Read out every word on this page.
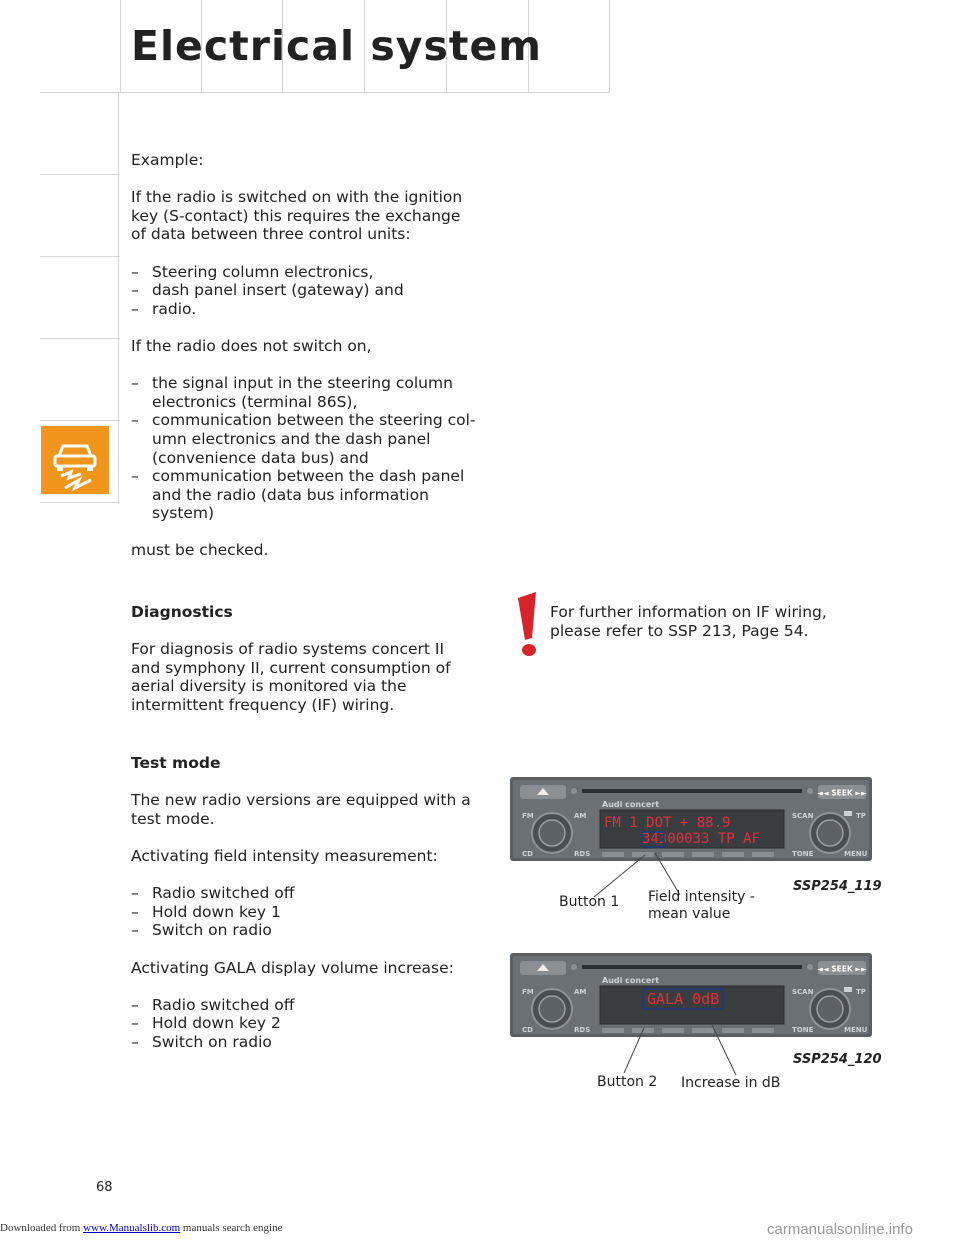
Electrical system

Example:

If the radio is switched on with the ignition key (S-contact) this requires the exchange of data between three control units:

– Steering column electronics,
– dash panel insert (gateway) and
– radio.

If the radio does not switch on,

– the signal input in the steering column electronics (terminal 86S),
– communication between the steering col- umn electronics and the dash panel (convenience data bus) and
– communication between the dash panel and the radio (data bus information system)

must be checked.

Diagnostics

For diagnosis of radio systems concert II and symphony II, current consumption of aerial diversity is monitored via the intermittent frequency (IF) wiring.

Test mode

The new radio versions are equipped with a test mode.

Activating field intensity measurement:

– Radio switched off
– Hold down key 1
– Switch on radio

Activating GALA display volume increase:

– Radio switched off
– Hold down key 2
– Switch on radio

For further information on IF wiring, please refer to SSP 213, Page 54.

◄◄ SEEK ►►
Audi concert
FM	AM
CD	RDS
FM 1 DOT + 88.9
34300033 TP AF
SCAN	TP
TONE	MENU
Button 1 Field intensity - mean value
SSP254_119
◄◄ SEEK ►►
Audi concert
FM	AM
CD	RDS
GALA 0dB	SCAN	TP
TONE	MENU
Button 2 Increase in dB
SSP254_120
68
Downloaded from www.Manualslib.com manuals search engine	carmanualsonline.info
